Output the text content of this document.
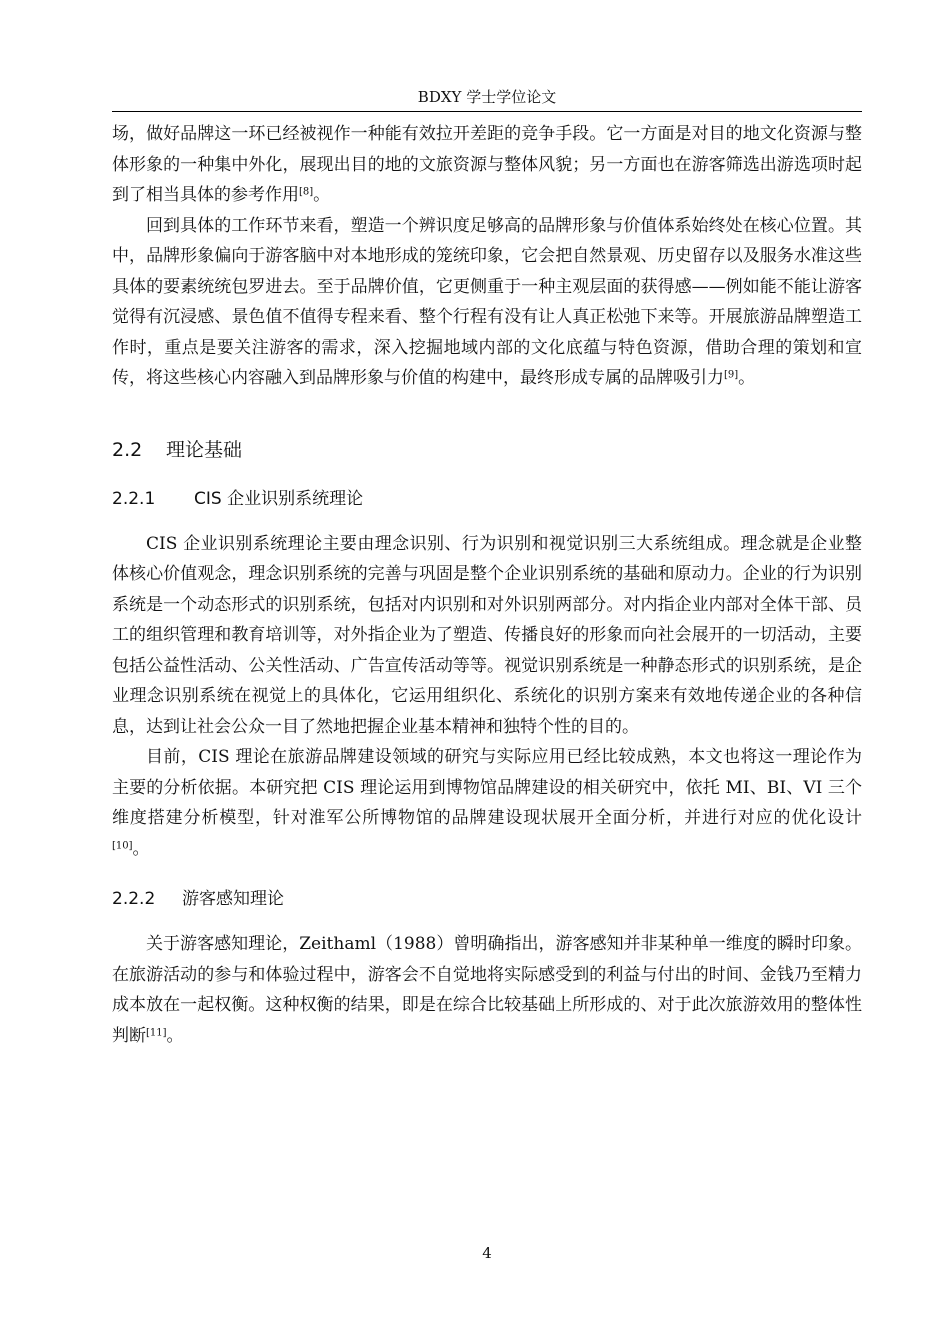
BDXY 学士学位论文

场，做好品牌这一环已经被视作一种能有效拉开差距的竞争手段。它一方面是对目的地文化资源与整体形象的一种集中外化，展现出目的地的文旅资源与整体风貌；另一方面也在游客筛选出游选项时起到了相当具体的参考作用[8]。

回到具体的工作环节来看，塑造一个辨识度足够高的品牌形象与价值体系始终处在核心位置。其中，品牌形象偏向于游客脑中对本地形成的笼统印象，它会把自然景观、历史留存以及服务水准这些具体的要素统统包罗进去。至于品牌价值，它更侧重于一种主观层面的获得感——例如能不能让游客觉得有沉浸感、景色值不值得专程来看、整个行程有没有让人真正松弛下来等。开展旅游品牌塑造工作时，重点是要关注游客的需求，深入挖掘地域内部的文化底蕴与特色资源，借助合理的策划和宣传，将这些核心内容融入到品牌形象与价值的构建中，最终形成专属的品牌吸引力[9]。

2.2 理论基础
2.2.1 CIS 企业识别系统理论

CIS 企业识别系统理论主要由理念识别、行为识别和视觉识别三大系统组成。理念就是企业整体核心价值观念，理念识别系统的完善与巩固是整个企业识别系统的基础和原动力。企业的行为识别系统是一个动态形式的识别系统，包括对内识别和对外识别两部分。对内指企业内部对全体干部、员工的组织管理和教育培训等，对外指企业为了塑造、传播良好的形象而向社会展开的一切活动，主要包括公益性活动、公关性活动、广告宣传活动等等。视觉识别系统是一种静态形式的识别系统，是企业理念识别系统在视觉上的具体化，它运用组织化、系统化的识别方案来有效地传递企业的各种信息，达到让社会公众一目了然地把握企业基本精神和独特个性的目的。

目前，CIS 理论在旅游品牌建设领域的研究与实际应用已经比较成熟，本文也将这一理论作为主要的分析依据。本研究把 CIS 理论运用到博物馆品牌建设的相关研究中，依托 MI、BI、VI 三个维度搭建分析模型，针对淮军公所博物馆的品牌建设现状展开全面分析，并进行对应的优化设计[10]。

2.2.2 游客感知理论

关于游客感知理论，Zeithaml（1988）曾明确指出，游客感知并非某种单一维度的瞬时印象。在旅游活动的参与和体验过程中，游客会不自觉地将实际感受到的利益与付出的时间、金钱乃至精力成本放在一起权衡。这种权衡的结果，即是在综合比较基础上所形成的、对于此次旅游效用的整体性判断[11]。

4
